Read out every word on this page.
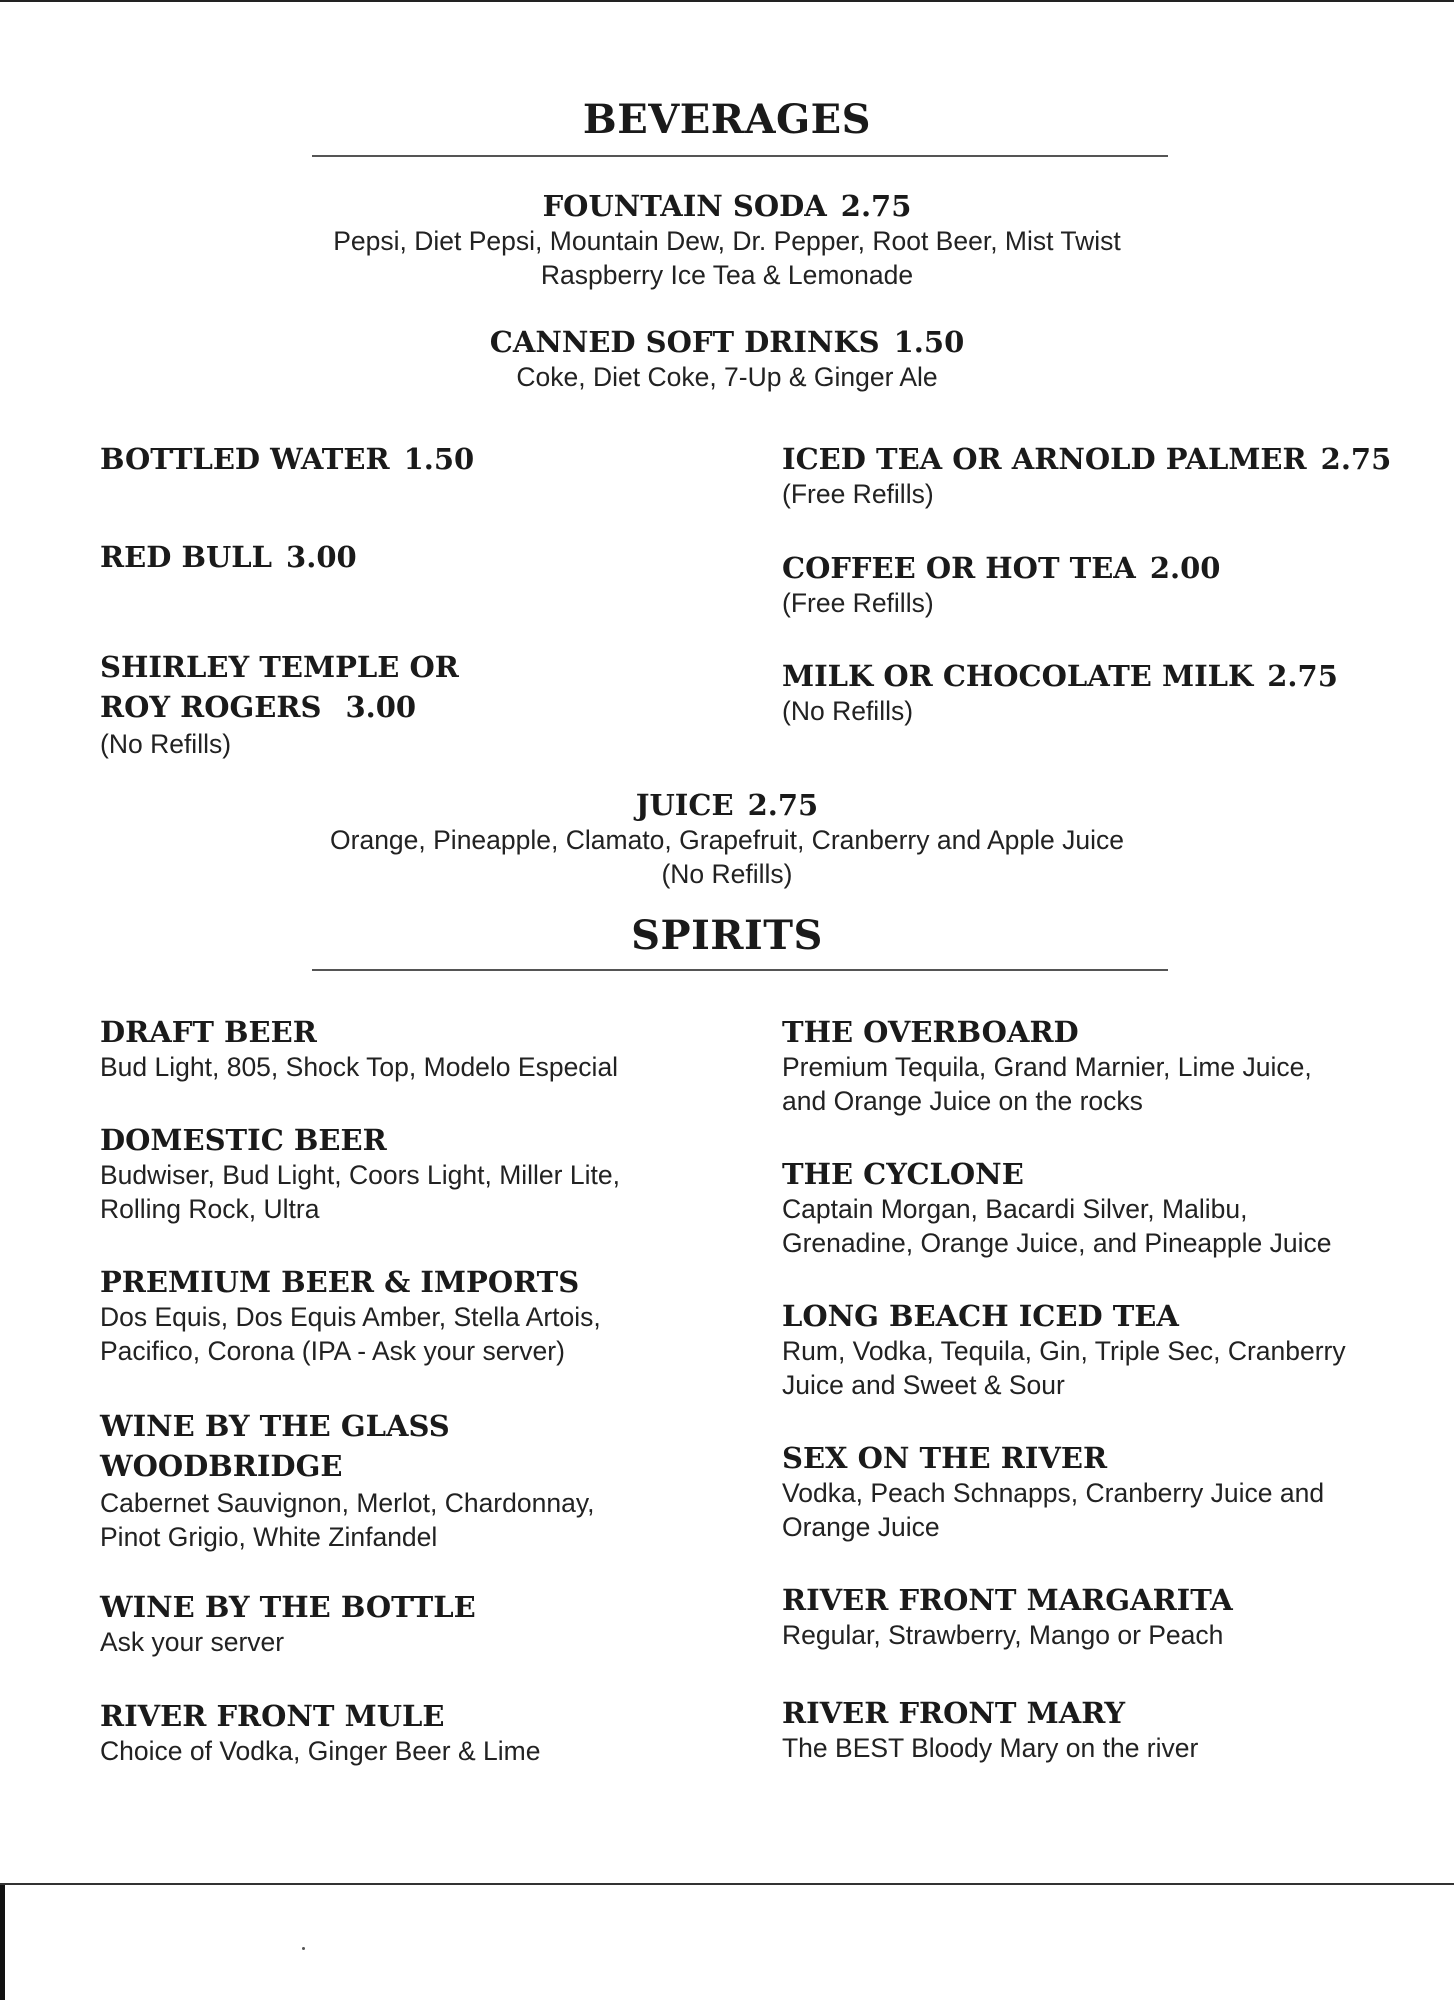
BEVERAGES
FOUNTAIN SODA 2.75
Pepsi, Diet Pepsi, Mountain Dew, Dr. Pepper, Root Beer, Mist Twist
Raspberry Ice Tea & Lemonade
CANNED SOFT DRINKS 1.50
Coke, Diet Coke, 7-Up & Ginger Ale
BOTTLED WATER 1.50
RED BULL 3.00
SHIRLEY TEMPLE OR
ROY ROGERS 3.00
(No Refills)
ICED TEA OR ARNOLD PALMER 2.75
(Free Refills)
COFFEE OR HOT TEA 2.00
(Free Refills)
MILK OR CHOCOLATE MILK 2.75
(No Refills)
JUICE 2.75
Orange, Pineapple, Clamato, Grapefruit, Cranberry and Apple Juice
(No Refills)
SPIRITS
DRAFT BEER
Bud Light, 805, Shock Top, Modelo Especial
DOMESTIC BEER
Budwiser, Bud Light, Coors Light, Miller Lite,
Rolling Rock, Ultra
PREMIUM BEER & IMPORTS
Dos Equis, Dos Equis Amber, Stella Artois,
Pacifico, Corona (IPA - Ask your server)
WINE BY THE GLASS
WOODBRIDGE
Cabernet Sauvignon, Merlot, Chardonnay,
Pinot Grigio, White Zinfandel
WINE BY THE BOTTLE
Ask your server
RIVER FRONT MULE
Choice of Vodka, Ginger Beer & Lime
THE OVERBOARD
Premium Tequila, Grand Marnier, Lime Juice,
and Orange Juice on the rocks
THE CYCLONE
Captain Morgan, Bacardi Silver, Malibu,
Grenadine, Orange Juice, and Pineapple Juice
LONG BEACH ICED TEA
Rum, Vodka, Tequila, Gin, Triple Sec, Cranberry
Juice and Sweet & Sour
SEX ON THE RIVER
Vodka, Peach Schnapps, Cranberry Juice and
Orange Juice
RIVER FRONT MARGARITA
Regular, Strawberry, Mango or Peach
RIVER FRONT MARY
The BEST Bloody Mary on the river
